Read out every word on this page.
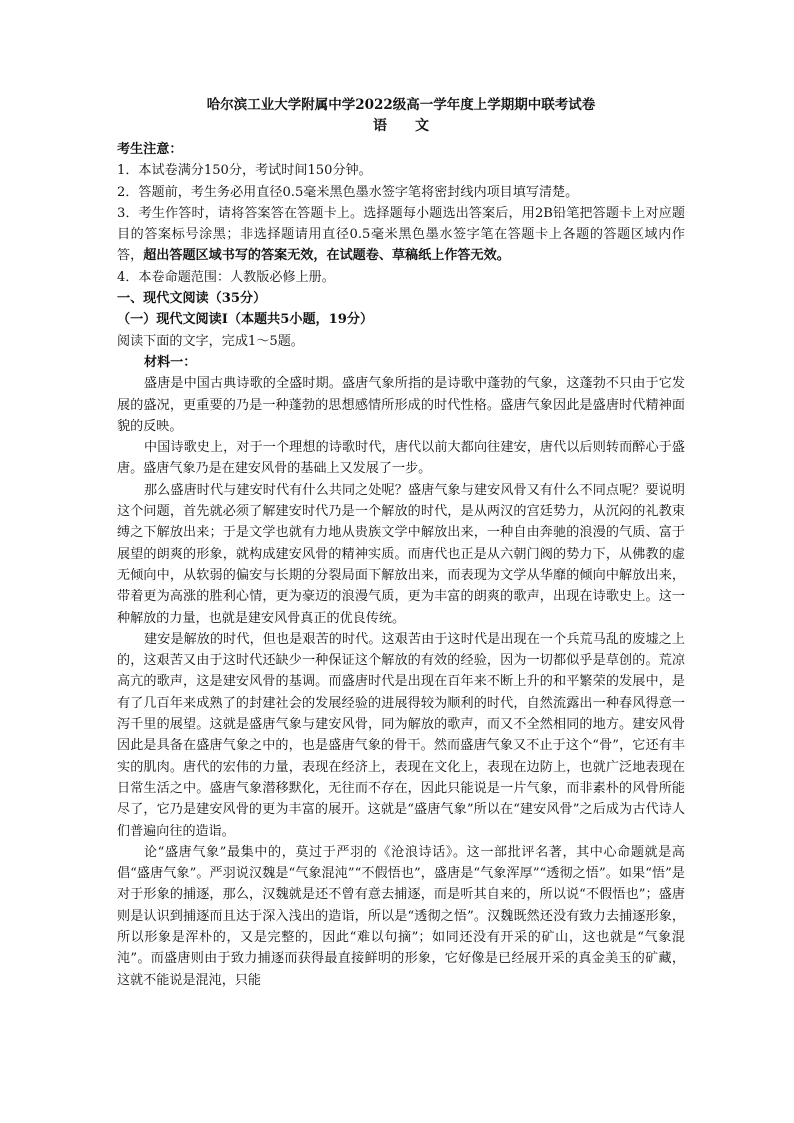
哈尔滨工业大学附属中学2022级高一学年度上学期期中联考试卷
语文

考生注意：

1．本试卷满分150分，考试时间150分钟。

2．答题前，考生务必用直径0.5毫米黑色墨水签字笔将密封线内项目填写清楚。

3．考生作答时，请将答案答在答题卡上。选择题每小题选出答案后，用2B铅笔把答题卡上对应题目的答案标号涂黑；非选择题请用直径0.5毫米黑色墨水签字笔在答题卡上各题的答题区域内作答，超出答题区域书写的答案无效，在试题卷、草稿纸上作答无效。

4．本卷命题范围：人教版必修上册。

一、现代文阅读（35分）
（一）现代文阅读Ⅰ（本题共5小题，19分）
阅读下面的文字，完成1～5题。
材料一：

盛唐是中国古典诗歌的全盛时期。盛唐气象所指的是诗歌中蓬勃的气象，这蓬勃不只由于它发展的盛况，更重要的乃是一种蓬勃的思想感情所形成的时代性格。盛唐气象因此是盛唐时代精神面貌的反映。

中国诗歌史上，对于一个理想的诗歌时代，唐代以前大都向往建安，唐代以后则转而醉心于盛唐。盛唐气象乃是在建安风骨的基础上又发展了一步。

那么盛唐时代与建安时代有什么共同之处呢？盛唐气象与建安风骨又有什么不同点呢？要说明这个问题，首先就必须了解建安时代乃是一个解放的时代，是从两汉的宫廷势力，从沉闷的礼教束缚之下解放出来；于是文学也就有力地从贵族文学中解放出来，一种自由奔驰的浪漫的气质、富于展望的朗爽的形象，就构成建安风骨的精神实质。而唐代也正是从六朝门阀的势力下，从佛教的虚无倾向中，从软弱的偏安与长期的分裂局面下解放出来，而表现为文学从华靡的倾向中解放出来，带着更为高涨的胜利心情，更为豪迈的浪漫气质，更为丰富的朗爽的歌声，出现在诗歌史上。这一种解放的力量，也就是建安风骨真正的优良传统。

建安是解放的时代，但也是艰苦的时代。这艰苦由于这时代是出现在一个兵荒马乱的废墟之上的，这艰苦又由于这时代还缺少一种保证这个解放的有效的经验，因为一切都似乎是草创的。荒凉高亢的歌声，这是建安风骨的基调。而盛唐时代是出现在百年来不断上升的和平繁荣的发展中，是有了几百年来成熟了的封建社会的发展经验的进展得较为顺利的时代，自然流露出一种春风得意一泻千里的展望。这就是盛唐气象与建安风骨，同为解放的歌声，而又不全然相同的地方。建安风骨因此是具备在盛唐气象之中的，也是盛唐气象的骨干。然而盛唐气象又不止于这个“骨”，它还有丰实的肌肉。唐代的宏伟的力量，表现在经济上，表现在文化上，表现在边防上，也就广泛地表现在日常生活之中。盛唐气象潜移默化，无往而不存在，因此只能说是一片气象，而非素朴的风骨所能尽了，它乃是建安风骨的更为丰富的展开。这就是“盛唐气象”所以在“建安风骨”之后成为古代诗人们普遍向往的造诣。

论“盛唐气象”最集中的，莫过于严羽的《沧浪诗话》。这一部批评名著，其中心命题就是高倡“盛唐气象”。严羽说汉魏是“气象混沌”“不假悟也”，盛唐是“气象浑厚”“透彻之悟”。如果“悟”是对于形象的捕逐，那么，汉魏就是还不曾有意去捕逐，而是听其自来的，所以说“不假悟也”；盛唐则是认识到捕逐而且达于深入浅出的造诣，所以是“透彻之悟”。汉魏既然还没有致力去捕逐形象，所以形象是浑朴的，又是完整的，因此“难以句摘”；如同还没有开采的矿山，这也就是“气象混沌”。而盛唐则由于致力捕逐而获得最直接鲜明的形象，它好像是已经展开采的真金美玉的矿藏，这就不能说是混沌，只能
